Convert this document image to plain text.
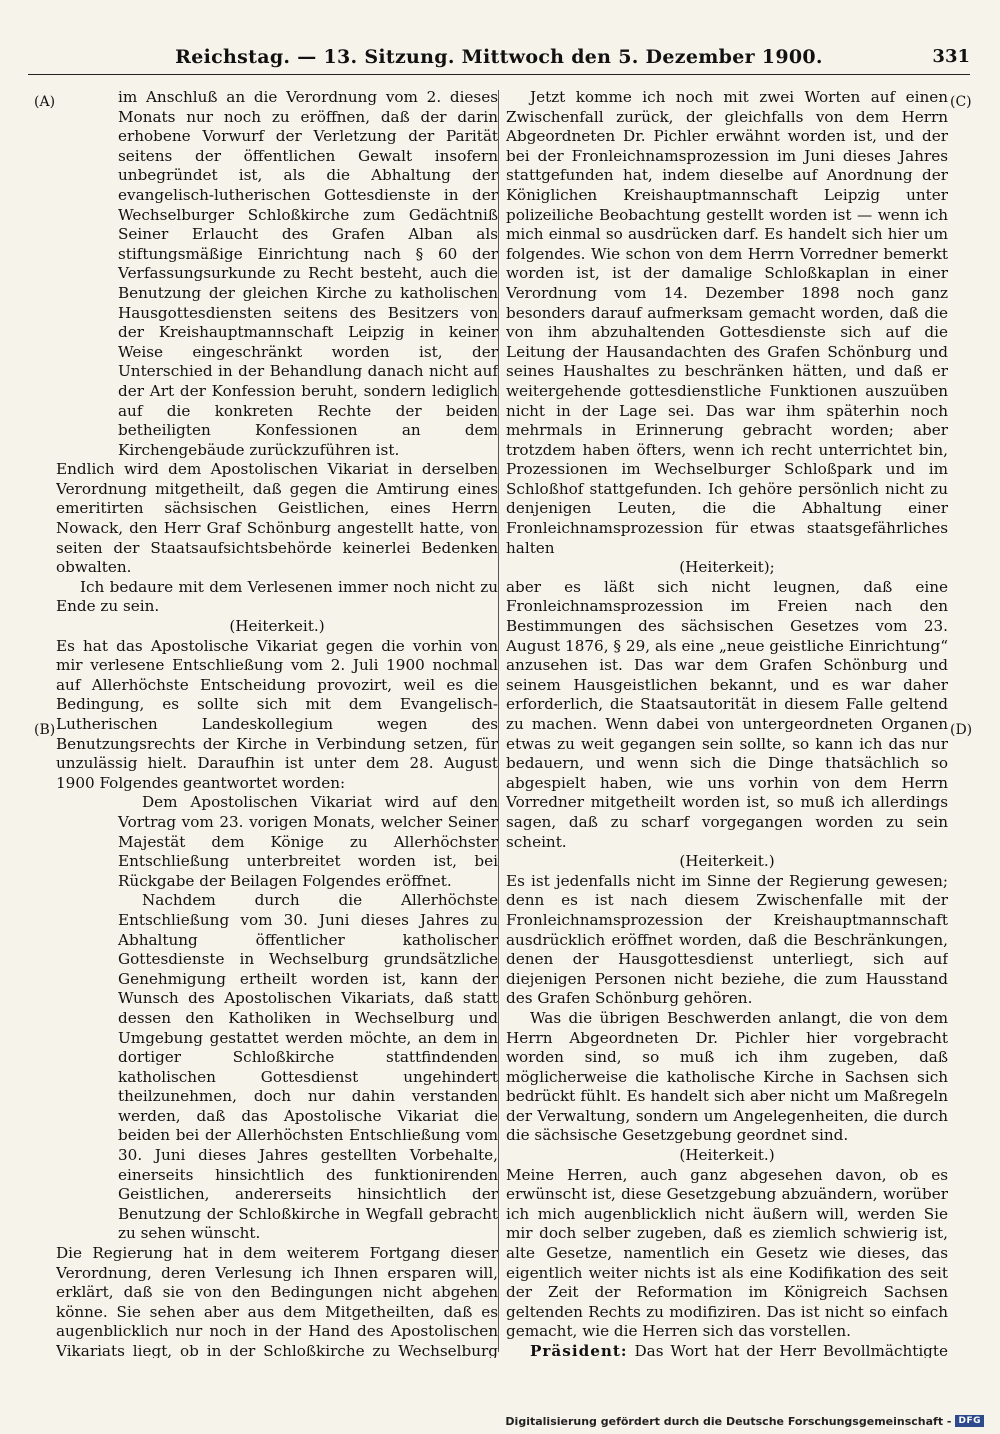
Reichstag. — 13. Sitzung. Mittwoch den 5. Dezember 1900.	331
(A)
(B)
(C)
(D)

im Anschluß an die Verordnung vom 2. dieses Monats nur noch zu eröffnen, daß der darin erhobene Vorwurf der Verletzung der Parität seitens der öffentlichen Gewalt insofern unbegründet ist, als die Abhaltung der evangelisch-lutherischen Gottesdienste in der Wechselburger Schloßkirche zum Gedächtniß Seiner Erlaucht des Grafen Alban als stiftungsmäßige Einrichtung nach § 60 der Verfassungsurkunde zu Recht besteht, auch die Benutzung der gleichen Kirche zu katholischen Hausgottesdiensten seitens des Besitzers von der Kreishauptmannschaft Leipzig in keiner Weise eingeschränkt worden ist, der Unterschied in der Behandlung danach nicht auf der Art der Konfession beruht, sondern lediglich auf die konkreten Rechte der beiden betheiligten Konfessionen an dem Kirchengebäude zurückzuführen ist.

Endlich wird dem Apostolischen Vikariat in derselben Verordnung mitgetheilt, daß gegen die Amtirung eines emeritirten sächsischen Geistlichen, eines Herrn Nowack, den Herr Graf Schönburg angestellt hatte, von seiten der Staatsaufsichtsbehörde keinerlei Bedenken obwalten.

Ich bedaure mit dem Verlesenen immer noch nicht zu Ende zu sein.

(Heiterkeit.)

Es hat das Apostolische Vikariat gegen die vorhin von mir verlesene Entschließung vom 2. Juli 1900 nochmal auf Allerhöchste Entscheidung provozirt, weil es die Bedingung, es sollte sich mit dem Evangelisch-Lutherischen Landeskollegium wegen des Benutzungsrechts der Kirche in Verbindung setzen, für unzulässig hielt. Daraufhin ist unter dem 28. August 1900 Folgendes geantwortet worden:

Dem Apostolischen Vikariat wird auf den Vortrag vom 23. vorigen Monats, welcher Seiner Majestät dem Könige zu Allerhöchster Entschließung unterbreitet worden ist, bei Rückgabe der Beilagen Folgendes eröffnet.

Nachdem durch die Allerhöchste Entschließung vom 30. Juni dieses Jahres zu Abhaltung öffentlicher katholischer Gottesdienste in Wechselburg grundsätzliche Genehmigung ertheilt worden ist, kann der Wunsch des Apostolischen Vikariats, daß statt dessen den Katholiken in Wechselburg und Umgebung gestattet werden möchte, an dem in dortiger Schloßkirche stattfindenden katholischen Gottesdienst ungehindert theilzunehmen, doch nur dahin verstanden werden, daß das Apostolische Vikariat die beiden bei der Allerhöchsten Entschließung vom 30. Juni dieses Jahres gestellten Vorbehalte, einerseits hinsichtlich des funktionirenden Geistlichen, andererseits hinsichtlich der Benutzung der Schloßkirche in Wegfall gebracht zu sehen wünscht.

Die Regierung hat in dem weiterem Fortgang dieser Verordnung, deren Verlesung ich Ihnen ersparen will, erklärt, daß sie von den Bedingungen nicht abgehen könne. Sie sehen aber aus dem Mitgetheilten, daß es augenblicklich nur noch in der Hand des Apostolischen Vikariats liegt, ob in der Schloßkirche zu Wechselburg

Jetzt komme ich noch mit zwei Worten auf einen Zwischenfall zurück, der gleichfalls von dem Herrn Abgeordneten Dr. Pichler erwähnt worden ist, und der bei der Fronleichnamsprozession im Juni dieses Jahres stattgefunden hat, indem dieselbe auf Anordnung der Königlichen Kreishauptmannschaft Leipzig unter polizeiliche Beobachtung gestellt worden ist — wenn ich mich einmal so ausdrücken darf. Es handelt sich hier um folgendes. Wie schon von dem Herrn Vorredner bemerkt worden ist, ist der damalige Schloßkaplan in einer Verordnung vom 14. Dezember 1898 noch ganz besonders darauf aufmerksam gemacht worden, daß die von ihm abzuhaltenden Gottesdienste sich auf die Leitung der Hausandachten des Grafen Schönburg und seines Haushaltes zu beschränken hätten, und daß er weitergehende gottesdienstliche Funktionen auszuüben nicht in der Lage sei. Das war ihm späterhin noch mehrmals in Erinnerung gebracht worden; aber trotzdem haben öfters, wenn ich recht unterrichtet bin, Prozessionen im Wechselburger Schloßpark und im Schloßhof stattgefunden. Ich gehöre persönlich nicht zu denjenigen Leuten, die die Abhaltung einer Fronleichnamsprozession für etwas staatsgefährliches halten

(Heiterkeit);

aber es läßt sich nicht leugnen, daß eine Fronleichnamsprozession im Freien nach den Bestimmungen des sächsischen Gesetzes vom 23. August 1876, § 29, als eine „neue geistliche Einrichtung“ anzusehen ist. Das war dem Grafen Schönburg und seinem Hausgeistlichen bekannt, und es war daher erforderlich, die Staatsautorität in diesem Falle geltend zu machen. Wenn dabei von untergeordneten Organen etwas zu weit gegangen sein sollte, so kann ich das nur bedauern, und wenn sich die Dinge thatsächlich so abgespielt haben, wie uns vorhin von dem Herrn Vorredner mitgetheilt worden ist, so muß ich allerdings sagen, daß zu scharf vorgegangen worden zu sein scheint.

(Heiterkeit.)

Es ist jedenfalls nicht im Sinne der Regierung gewesen; denn es ist nach diesem Zwischenfalle mit der Fronleichnamsprozession der Kreishauptmannschaft ausdrücklich eröffnet worden, daß die Beschränkungen, denen der Hausgottesdienst unterliegt, sich auf diejenigen Personen nicht beziehe, die zum Hausstand des Grafen Schönburg gehören.

Was die übrigen Beschwerden anlangt, die von dem Herrn Abgeordneten Dr. Pichler hier vorgebracht worden sind, so muß ich ihm zugeben, daß möglicherweise die katholische Kirche in Sachsen sich bedrückt fühlt. Es handelt sich aber nicht um Maßregeln der Verwaltung, sondern um Angelegenheiten, die durch die sächsische Gesetzgebung geordnet sind.

(Heiterkeit.)

Meine Herren, auch ganz abgesehen davon, ob es erwünscht ist, diese Gesetzgebung abzuändern, worüber ich mich augenblicklich nicht äußern will, werden Sie mir doch selber zugeben, daß es ziemlich schwierig ist, alte Gesetze, namentlich ein Gesetz wie dieses, das eigentlich weiter nichts ist als eine Kodifikation des seit der Zeit der Reformation im Königreich Sachsen geltenden Rechts zu modifiziren. Das ist nicht so einfach gemacht, wie die Herren sich das vorstellen.

Präsident: Das Wort hat der Herr Bevollmächtigte

Digitalisierung gefördert durch die Deutsche Forschungsgemeinschaft - DFG
